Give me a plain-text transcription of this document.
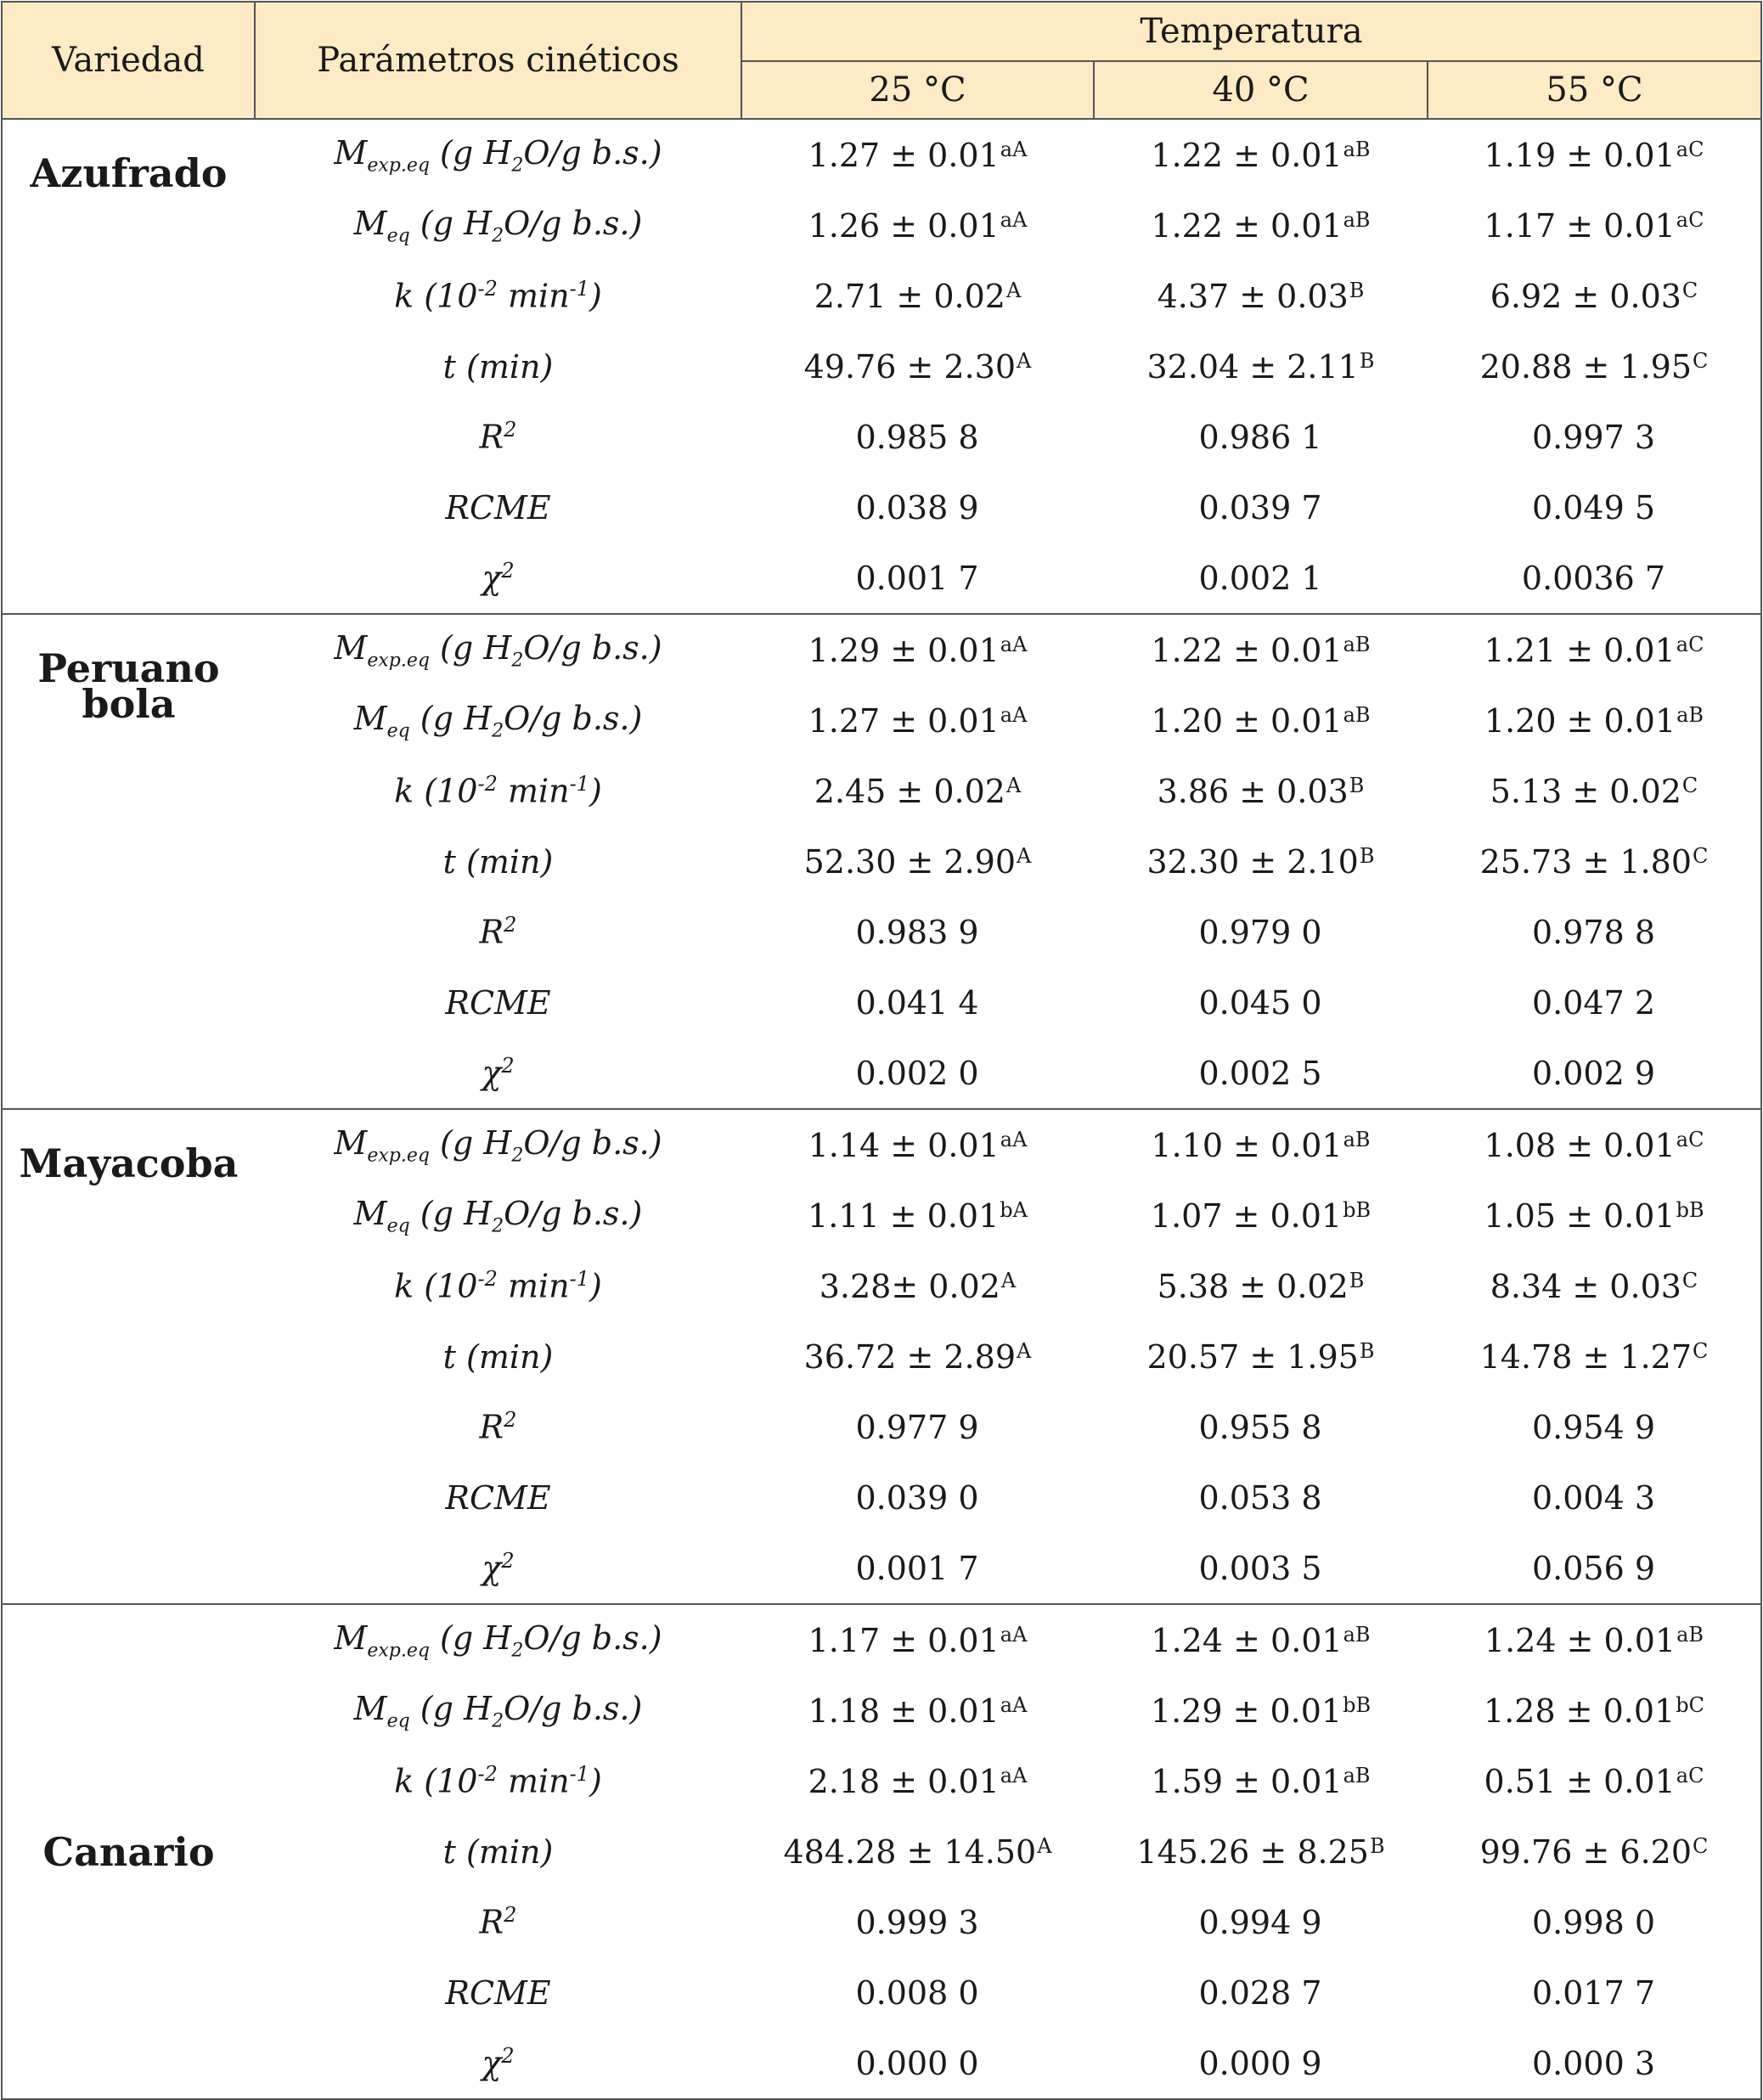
Variedad	Parámetros cinéticos	Temperatura		
		25 °C	40 °C	55 °C
Azufrado	$M_{exp.eq}$ (g $H_2O/g$ b.s.)	$1.27 \pm 0.01^{aA}$	$1.22 \pm 0.01^{aB}$	$1.19 \pm 0.01^{aC}$
	$M_{eq}$ (g $H_2O/g$ b.s.)	$1.26 \pm 0.01^{aA}$	$1.22 \pm 0.01^{aB}$	$1.17 \pm 0.01^{aC}$
	k ($10^{-2}$ $\min^{-1}$)	$2.71 \pm 0.02^A$	$4.37 \pm 0.03^B$	$6.92 \pm 0.03^C$
	t (min)	$49.76 \pm 2.30^A$	$32.04 \pm 2.11^B$	$20.88 \pm 1.95^C$
	$R^2$	0.985 8	0.986 1	0.997 3
	RCME	0.038 9	0.039 7	0.049 5
	$\chi^2$	0.001 7	0.002 1	0.0036 7
Peruano bola	$M_{exp.eq}$ (g $H_2O/g$ b.s.)	$1.29 \pm 0.01^{aA}$	$1.22 \pm 0.01^{aB}$	$1.21 \pm 0.01^{aC}$
	$M_{eq}$ (g $H_2O/g$ b.s.)	$1.27 \pm 0.01^{aA}$	$1.20 \pm 0.01^{aB}$	$1.20 \pm 0.01^{aB}$
	k ($10^{-2}$ $\min^{-1}$)	$2.45 \pm 0.02^A$	$3.86 \pm 0.03^B$	$5.13 \pm 0.02^C$
	t (min)	$52.30 \pm 2.90^A$	$32.30 \pm 2.10^B$	$25.73 \pm 1.80^C$
	$R^2$	0.983 9	0.979 0	0.978 8
	RCME	0.041 4	0.045 0	0.047 2
	$\chi^2$	0.002 0	0.002 5	0.002 9
Mayacoba	$M_{exp.eq}$ (g $H_2O/g$ b.s.)	$1.14 \pm 0.01^{aA}$	$1.10 \pm 0.01^{aB}$	$1.08 \pm 0.01^{aC}$
	$M_{eq}$ (g $H_2O/g$ b.s.)	$1.11 \pm 0.01^{bA}$	$1.07 \pm 0.01^{bB}$	$1.05 \pm 0.01^{bB}$
	k ($10^{-2}$ $\min^{-1}$)	$3.28\pm 0.02^A$	$5.38 \pm 0.02^B$	$8.34 \pm 0.03^C$
	t (min)	$36.72 \pm 2.89^A$	$20.57 \pm 1.95^B$	$14.78 \pm 1.27^C$
	$R^2$	0.977 9	0.955 8	0.954 9
	RCME	0.039 0	0.053 8	0.004 3
	$\chi^2$	0.001 7	0.003 5	0.056 9
Canario	$M_{exp.eq}$ (g $H_2O/g$ b.s.)	$1.17 \pm 0.01^{aA}$	$1.24 \pm 0.01^{aB}$	$1.24 \pm 0.01^{aB}$
	$M_{eq}$ (g $H_2O/g$ b.s.)	$1.18 \pm 0.01^{aA}$	$1.29 \pm 0.01^{bB}$	$1.28 \pm 0.01^{bC}$
	k ($10^{-2}$ $\min^{-1}$)	$2.18 \pm 0.01^{aA}$	$1.59 \pm 0.01^{aB}$	$0.51 \pm 0.01^{aC}$
	t (min)	$484.28 \pm 14.50^A$	$145.26 \pm 8.25^B$	$99.76 \pm 6.20^C$
	$R^2$	0.999 3	0.994 9	0.998 0
	RCME	0.008 0	0.028 7	0.017 7
	$\chi^2$	0.000 0	0.000 9	0.000 3
